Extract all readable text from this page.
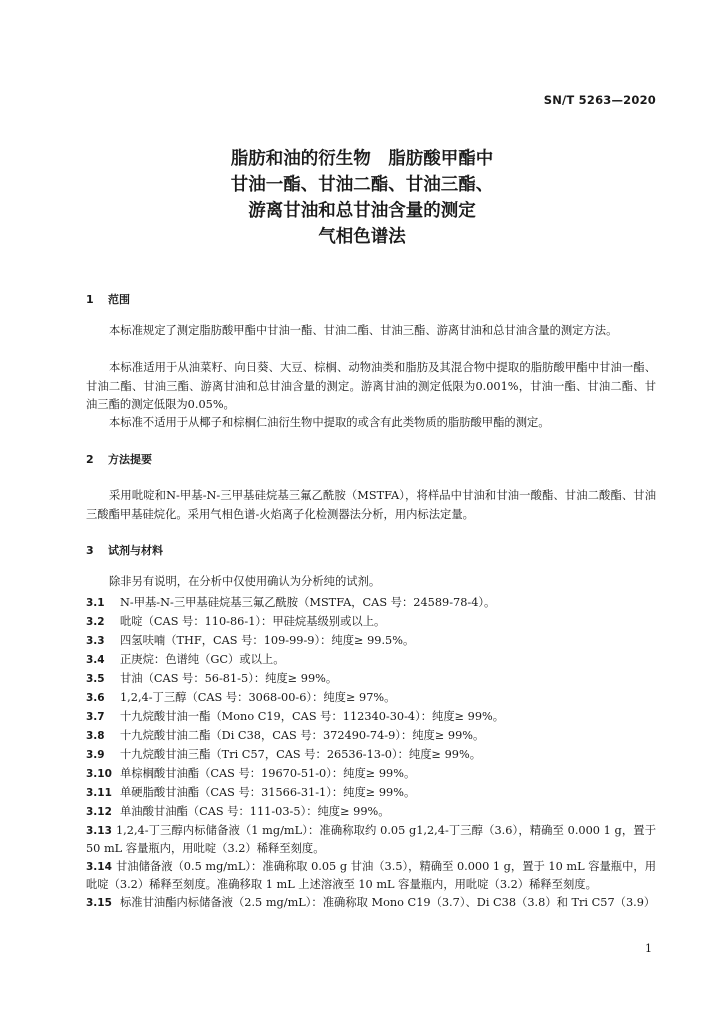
SN/T 5263—2020
脂肪和油的衍生物　脂肪酸甲酯中
甘油一酯、甘油二酯、甘油三酯、
游离甘油和总甘油含量的测定
气相色谱法
1 范围
本标准规定了测定脂肪酸甲酯中甘油一酯、甘油二酯、甘油三酯、游离甘油和总甘油含量的测定方法。
本标准适用于从油菜籽、向日葵、大豆、棕榈、动物油类和脂肪及其混合物中提取的脂肪酸甲酯中甘油一酯、甘油二酯、甘油三酯、游离甘油和总甘油含量的测定。游离甘油的测定低限为0.001%，甘油一酯、甘油二酯、甘油三酯的测定低限为0.05%。
本标准不适用于从椰子和棕榈仁油衍生物中提取的或含有此类物质的脂肪酸甲酯的测定。
2 方法提要
采用吡啶和N-甲基-N-三甲基硅烷基三氟乙酰胺（MSTFA），将样品中甘油和甘油一酸酯、甘油二酸酯、甘油三酸酯甲基硅烷化。采用气相色谱-火焰离子化检测器法分析，用内标法定量。
3 试剂与材料
除非另有说明，在分析中仅使用确认为分析纯的试剂。
3.1 N-甲基-N-三甲基硅烷基三氟乙酰胺（MSTFA，CAS 号：24589-78-4）。
3.2 吡啶（CAS 号：110-86-1）：甲硅烷基级别或以上。
3.3 四氢呋喃（THF，CAS 号：109-99-9）：纯度≥ 99.5%。
3.4 正庚烷：色谱纯（GC）或以上。
3.5 甘油（CAS 号：56-81-5）：纯度≥ 99%。
3.6 1,2,4-丁三醇（CAS 号：3068-00-6）：纯度≥ 97%。
3.7 十九烷酸甘油一酯（Mono C19，CAS 号：112340-30-4）：纯度≥ 99%。
3.8 十九烷酸甘油二酯（Di C38，CAS 号：372490-74-9）：纯度≥ 99%。
3.9 十九烷酸甘油三酯（Tri C57，CAS 号：26536-13-0）：纯度≥ 99%。
3.10 单棕榈酸甘油酯（CAS 号：19670-51-0）：纯度≥ 99%。
3.11 单硬脂酸甘油酯（CAS 号：31566-31-1）：纯度≥ 99%。
3.12 单油酸甘油酯（CAS 号：111-03-5）：纯度≥ 99%。
3.13 1,2,4-丁三醇内标储备液（1 mg/mL）：准确称取约 0.05 g1,2,4-丁三醇（3.6），精确至 0.000 1 g，置于 50 mL 容量瓶内，用吡啶（3.2）稀释至刻度。
3.14 甘油储备液（0.5 mg/mL）：准确称取 0.05 g 甘油（3.5），精确至 0.000 1 g，置于 10 mL 容量瓶中，用吡啶（3.2）稀释至刻度。准确移取 1 mL 上述溶液至 10 mL 容量瓶内，用吡啶（3.2）稀释至刻度。
3.15 标准甘油酯内标储备液（2.5 mg/mL）：准确称取 Mono C19（3.7）、Di C38（3.8）和 Tri C57（3.9）
1
